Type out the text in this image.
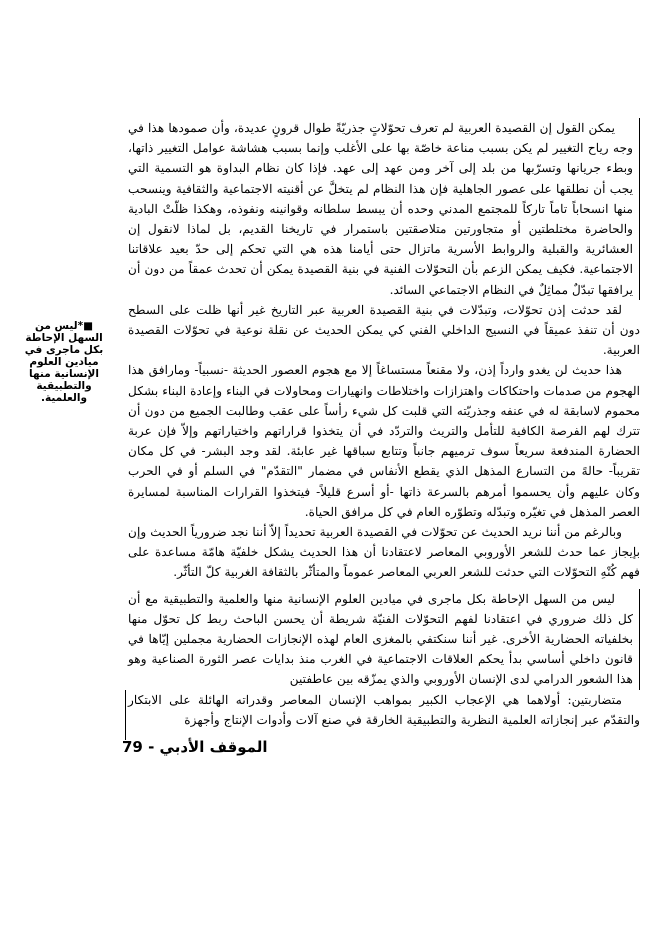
يمكن القول إن القصيدة العربية لم تعرف تحوّلاتٍ جذريّةً طوال قرونٍ عديدة، وأن صمودها هذا في وجه رياح التغيير لم يكن بسبب مناعة خاصّة بها على الأغلب وإنما بسبب هشاشة عوامل التغيير ذاتها، وبطء جريانها وتسرّبها من بلد إلى آخر ومن عهد إلى عهد. فإذا كان نظام البداوة هو التسمية التي يجب أن نطلقها على عصور الجاهلية فإن هذا النظام لم يتخلَّ عن أقنيته الاجتماعية والثقافية وينسحب منها انسحاباً تاماً تاركاً للمجتمع المدني وحده أن يبسط سلطانه وقوانينه ونفوذه، وهكذا ظلّتْ البادية والحاضرة مختلطتين أو متجاورتين متلاصقتين باستمرار في تاريخنا القديم، بل لماذا لانقول إن العشائرية والقبلية والروابط الأسرية ماتزال حتى أيامنا هذه هي التي تحكم إلى حدّ بعيد علاقاتنا الاجتماعية. فكيف يمكن الزعم بأن التحوّلات الفنية في بنية القصيدة يمكن أن تحدث عمقاً من دون أن يرافقها تبدّلٌ مماثِلٌ في النظام الاجتماعي السائد.

لقد حدثت إذن تحوّلات، وتبدّلات في بنية القصيدة العربية عبر التاريخ غير أنها ظلت على السطح دون أن تنفذ عميقاً في النسيج الداخلي الفني كي يمكن الحديث عن نقلة نوعية في تحوّلات القصيدة العربية.

هذا حديث لن يغدو وارداً إذن، ولا مقنعاً مستساغاً إلا مع هجوم العصور الحديثة -نسبياً- ومارافق هذا الهجوم من صدمات واحتكاكات واهتزازات واختلاطات وانهيارات ومحاولات في البناء وإعادة البناء بشكل محموم لاسابقة له في عنفه وجذريّته التي قلبت كل شيء رأساً على عقب وطالبت الجميع من دون أن تترك لهم الفرصة الكافية للتأمل والتريث والتردّد في أن يتخذوا قراراتهم واختياراتهم وإلاّ فإن عربة الحضارة المندفعة سريعاً سوف ترميهم جانباً وتتابع سباقها غير عابئة. لقد وجد البشر- في كل مكان تقريباً- حالهً من التسارع المذهل الذي يقطع الأنفاس في مضمار "التقدّم" في السلم أو في الحرب وكان عليهم وأن يحسموا أمرهم بالسرعة ذاتها -أو أسرع قليلاً- فيتخذوا القرارات المناسبة لمسايرة العصر المذهل في تغيّره وتبدّله وتطوّره العام في كل مرافق الحياة.

وبالرغم من أننا نريد الحديث عن تحوّلات في القصيدة العربية تحديداً إلاّ أننا نجد ضرورياً الحديث وإن بإيجاز عما حدث للشعر الأوروبي المعاصر لاعتقادنا أن هذا الحديث يشكل خلفيّة هامّة مساعدة على فهم كُنْهِ التحوّلات التي حدثت للشعر العربي المعاصر عموماً والمتأثّر بالثقافة الغربية كلّ التأثّر.

ليس من السهل الإحاطة بكل ماجرى في ميادين العلوم الإنسانية منها والعلمية والتطبيقية مع أن كل ذلك ضروري في اعتقادنا لفهم التحوّلات الفنيّة شريطة أن يحسن الباحث ربط كل تحوّل منها بخلفياته الحضارية الأخرى. غير أننا سنكتفي بالمغزى العام لهذه الإنجازات الحضارية مجملين إيّاها في قانون داخلي أساسي بدأ يحكم العلاقات الاجتماعية في الغرب منذ بدايات عصر الثورة الصناعية وهو هذا الشعور الدرامي لدى الإنسان الأوروبي والذي يمزّقه بين عاطفتين

متضاربتين: أولاهما هي الإعجاب الكبير بمواهب الإنسان المعاصر وقدراته الهائلة على الابتكار والتقدّم عبر إنجازاته العلمية النظرية والتطبيقية الخارقة في صنع آلات وأدوات الإنتاج وأجهزة

■*ليس من السهل الإحاطة بكل ماجرى في ميادين العلوم الإنسانية منها والتطبيقية والعلمية.
الموقف الأدبي - 79
